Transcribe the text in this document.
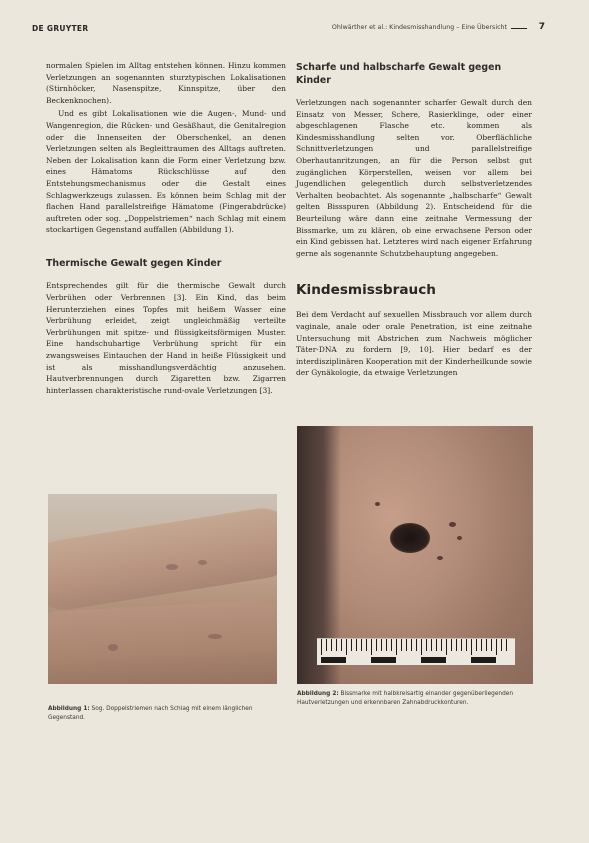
DE GRUYTER	Ohlwärther et al.: Kindesmisshandlung – Eine Übersicht	7

normalen Spielen im Alltag entstehen können. Hinzu kommen Verletzungen an sogenannten sturztypischen Lokalisationen (Stirnhöcker, Nasenspitze, Kinnspitze, über den Beckenknochen).

Und es gibt Lokalisationen wie die Augen-, Mund- und Wangenregion, die Rücken- und Gesäßhaut, die Genitalregion oder die Innenseiten der Oberschenkel, an denen Verletzungen selten als Begleittraumen des Alltags auftreten. Neben der Lokalisation kann die Form einer Verletzung bzw. eines Hämatoms Rückschlüsse auf den Entstehungsmechanismus oder die Gestalt eines Schlagwerkzeugs zulassen. Es können beim Schlag mit der flachen Hand parallelstreifige Hämatome (Fingerabdrücke) auftreten oder sog. „Doppelstriemen“ nach Schlag mit einem stockartigen Gegenstand auffallen (Abbildung 1).

Thermische Gewalt gegen Kinder

Entsprechendes gilt für die thermische Gewalt durch Verbrühen oder Verbrennen [3]. Ein Kind, das beim Herunterziehen eines Topfes mit heißem Wasser eine Verbrühung erleidet, zeigt ungleichmäßig verteilte Verbrühungen mit spitze- und flüssigkeitsförmigen Muster. Eine handschuhartige Verbrühung spricht für ein zwangsweises Eintauchen der Hand in heiße Flüssigkeit und ist als misshandlungsverdächtig anzusehen. Hautverbrennungen durch Zigaretten bzw. Zigarren hinterlassen charakteristische rund-ovale Verletzungen [3].

Scharfe und halbscharfe Gewalt gegen Kinder

Verletzungen nach sogenannter scharfer Gewalt durch den Einsatz von Messer, Schere, Rasierklinge, oder einer abgeschlagenen Flasche etc. kommen als Kindesmisshandlung selten vor. Oberflächliche Schnittverletzungen und parallelstreifige Oberhautanritzungen, an für die Person selbst gut zugänglichen Körperstellen, weisen vor allem bei Jugendlichen gelegentlich durch selbstverletzendes Verhalten beobachtet. Als sogenannte „halbscharfe“ Gewalt gelten Bissspuren (Abbildung 2). Entscheidend für die Beurteilung wäre dann eine zeitnahe Vermessung der Bissmarke, um zu klären, ob eine erwachsene Person oder ein Kind gebissen hat. Letzteres wird nach eigener Erfahrung gerne als sogenannte Schutzbehauptung angegeben.

Kindesmissbrauch

Bei dem Verdacht auf sexuellen Missbrauch vor allem durch vaginale, anale oder orale Penetration, ist eine zeitnahe Untersuchung mit Abstrichen zum Nachweis möglicher Täter-DNA zu fordern [9, 10]. Hier bedarf es der interdisziplinären Kooperation mit der Kinderheilkunde sowie der Gynäkologie, da etwaige Verletzungen

Abbildung 1: Sog. Doppelstriemen nach Schlag mit einem länglichen Gegenstand.
Abbildung 2: Bissmarke mit halbkreisartig einander gegenüberliegenden Hautverletzungen und erkennbaren Zahnabdruckkonturen.
